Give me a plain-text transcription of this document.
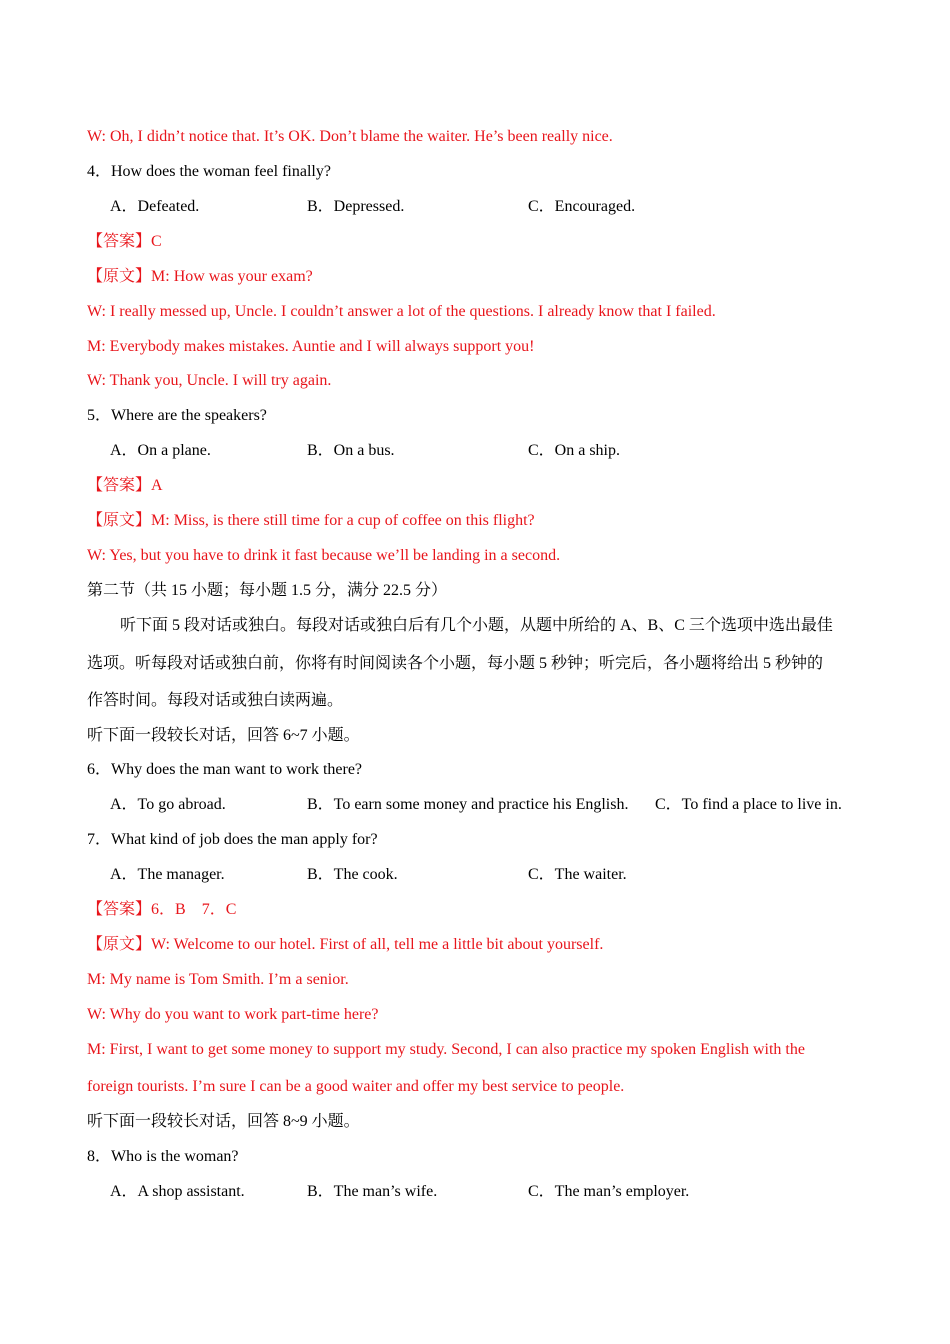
W: Oh, I didn’t notice that. It’s OK. Don’t blame the waiter. He’s been really nice.
4．How does the woman feel finally?
A．Defeated.	B．Depressed.	C．Encouraged.
【答案】C
【原文】M: How was your exam?
W: I really messed up, Uncle. I couldn’t answer a lot of the questions. I already know that I failed.
M: Everybody makes mistakes. Auntie and I will always support you!
W: Thank you, Uncle. I will try again.
5．Where are the speakers?
A．On a plane.	B．On a bus.	C．On a ship.
【答案】A
【原文】M: Miss, is there still time for a cup of coffee on this flight?
W: Yes, but you have to drink it fast because we’ll be landing in a second.
第二节（共 15 小题；每小题 1.5 分，满分 22.5 分）
听下面 5 段对话或独白。每段对话或独白后有几个小题，从题中所给的 A、B、C 三个选项中选出最佳
选项。听每段对话或独白前，你将有时间阅读各个小题，每小题 5 秒钟；听完后，各小题将给出 5 秒钟的
作答时间。每段对话或独白读两遍。
听下面一段较长对话，回答 6~7 小题。
6．Why does the man want to work there?
A．To go abroad.	B．To earn some money and practice his English. C．To find a place to live in.
7．What kind of job does the man apply for?
A．The manager.	B．The cook.	C．The waiter.
【答案】6．B    7．C
【原文】W: Welcome to our hotel. First of all, tell me a little bit about yourself.
M: My name is Tom Smith. I’m a senior.
W: Why do you want to work part-time here?
M: First, I want to get some money to support my study. Second, I can also practice my spoken English with the
foreign tourists. I’m sure I can be a good waiter and offer my best service to people.
听下面一段较长对话，回答 8~9 小题。
8．Who is the woman?
A．A shop assistant.	B．The man’s wife.	C．The man’s employer.
